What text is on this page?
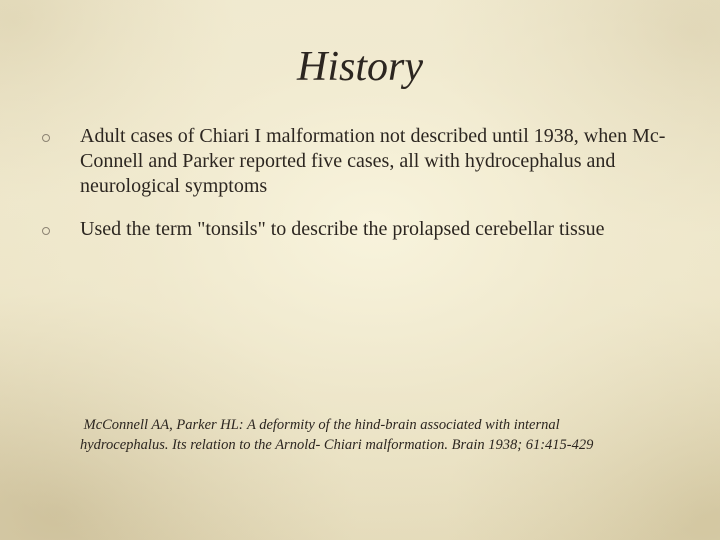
History
Adult cases of Chiari I malformation not described until 1938, when Mc-Connell and Parker reported five cases, all with hydrocephalus and neurological symptoms
Used the term "tonsils" to describe the prolapsed cerebellar tissue

McConnell AA, Parker HL: A deformity of the hind-brain associated with internal
hydrocephalus. Its relation to the Arnold- Chiari malformation. Brain 1938; 61:415-429
